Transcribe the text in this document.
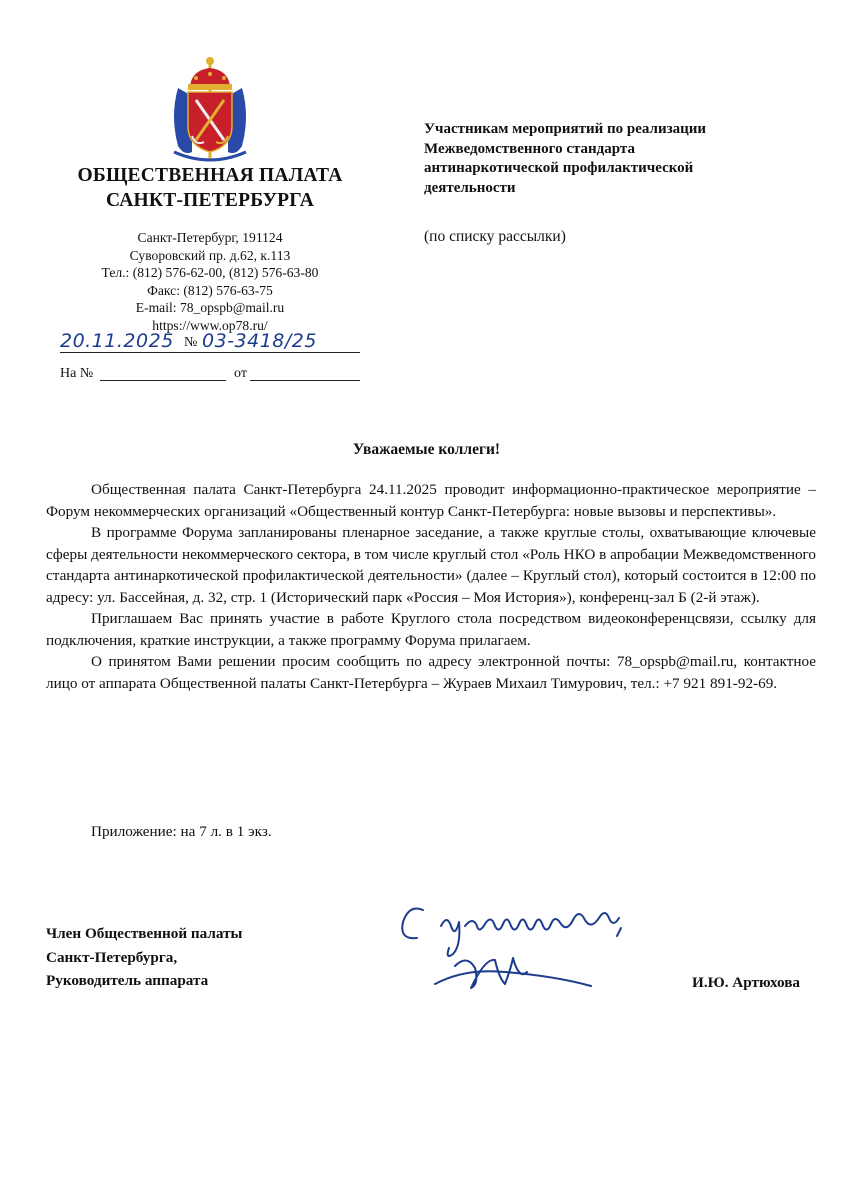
ОБЩЕСТВЕННАЯ ПАЛАТА
САНКТ-ПЕТЕРБУРГА
Санкт-Петербург, 191124
Суворовский пр. д.62, к.113
Тел.: (812) 576-62-00, (812) 576-63-80
Факс: (812) 576-63-75
E-mail: 78_opspb@mail.ru
https://www.op78.ru/
20.11.2025 № 03-3418/25
На №	от
Участникам мероприятий по реализации
Межведомственного стандарта
антинаркотической профилактической
деятельности
(по списку рассылки)
Уважаемые коллеги!

Общественная палата Санкт-Петербурга 24.11.2025 проводит информационно-практическое мероприятие – Форум некоммерческих организаций «Общественный контур Санкт-Петербурга: новые вызовы и перспективы».

В программе Форума запланированы пленарное заседание, а также круглые столы, охватывающие ключевые сферы деятельности некоммерческого сектора, в том числе круглый стол «Роль НКО в апробации Межведомственного стандарта антинаркотической профилактической деятельности» (далее – Круглый стол), который состоится в 12:00 по адресу: ул. Бассейная, д. 32, стр. 1 (Исторический парк «Россия – Моя История»), конференц-зал Б (2-й этаж).

Приглашаем Вас принять участие в работе Круглого стола посредством видеоконференцсвязи, ссылку для подключения, краткие инструкции, а также программу Форума прилагаем.

О принятом Вами решении просим сообщить по адресу электронной почты: 78_opspb@mail.ru, контактное лицо от аппарата Общественной палаты Санкт-Петербурга – Жураев Михаил Тимурович, тел.: +7 921 891-92-69.

Приложение: на 7 л. в 1 экз.
Член Общественной палаты
Санкт-Петербурга,
Руководитель аппарата	И.Ю. Артюхова
